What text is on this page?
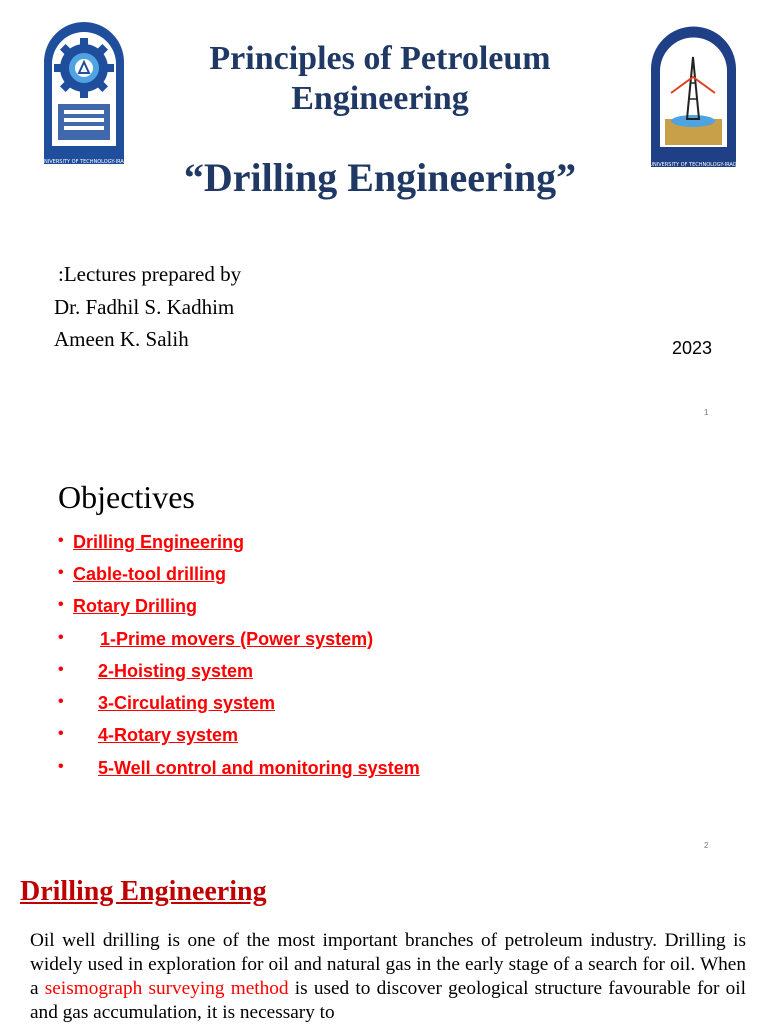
UNIVERSITY OF TECHNOLOGY-IRAQ
Principles of Petroleum
Engineering
“Drilling Engineering”	UNIVERSITY OF TECHNOLOGY-IRAQ
:Lectures prepared by
Dr. Fadhil S. Kadhim
Ameen K. Salih	2023
1
Objectives
• Drilling Engineering
• Cable-tool drilling
• Rotary Drilling
• 1-Prime movers (Power system)
• 2-Hoisting system
• 3-Circulating system
• 4-Rotary system
• 5-Well control and monitoring system
2
Drilling Engineering

Oil well drilling is one of the most important branches of petroleum industry. Drilling is widely used in exploration for oil and natural gas in the early stage of a search for oil. When a seismograph surveying method is used to discover geological structure favourable for oil and gas accumulation, it is necessary to
